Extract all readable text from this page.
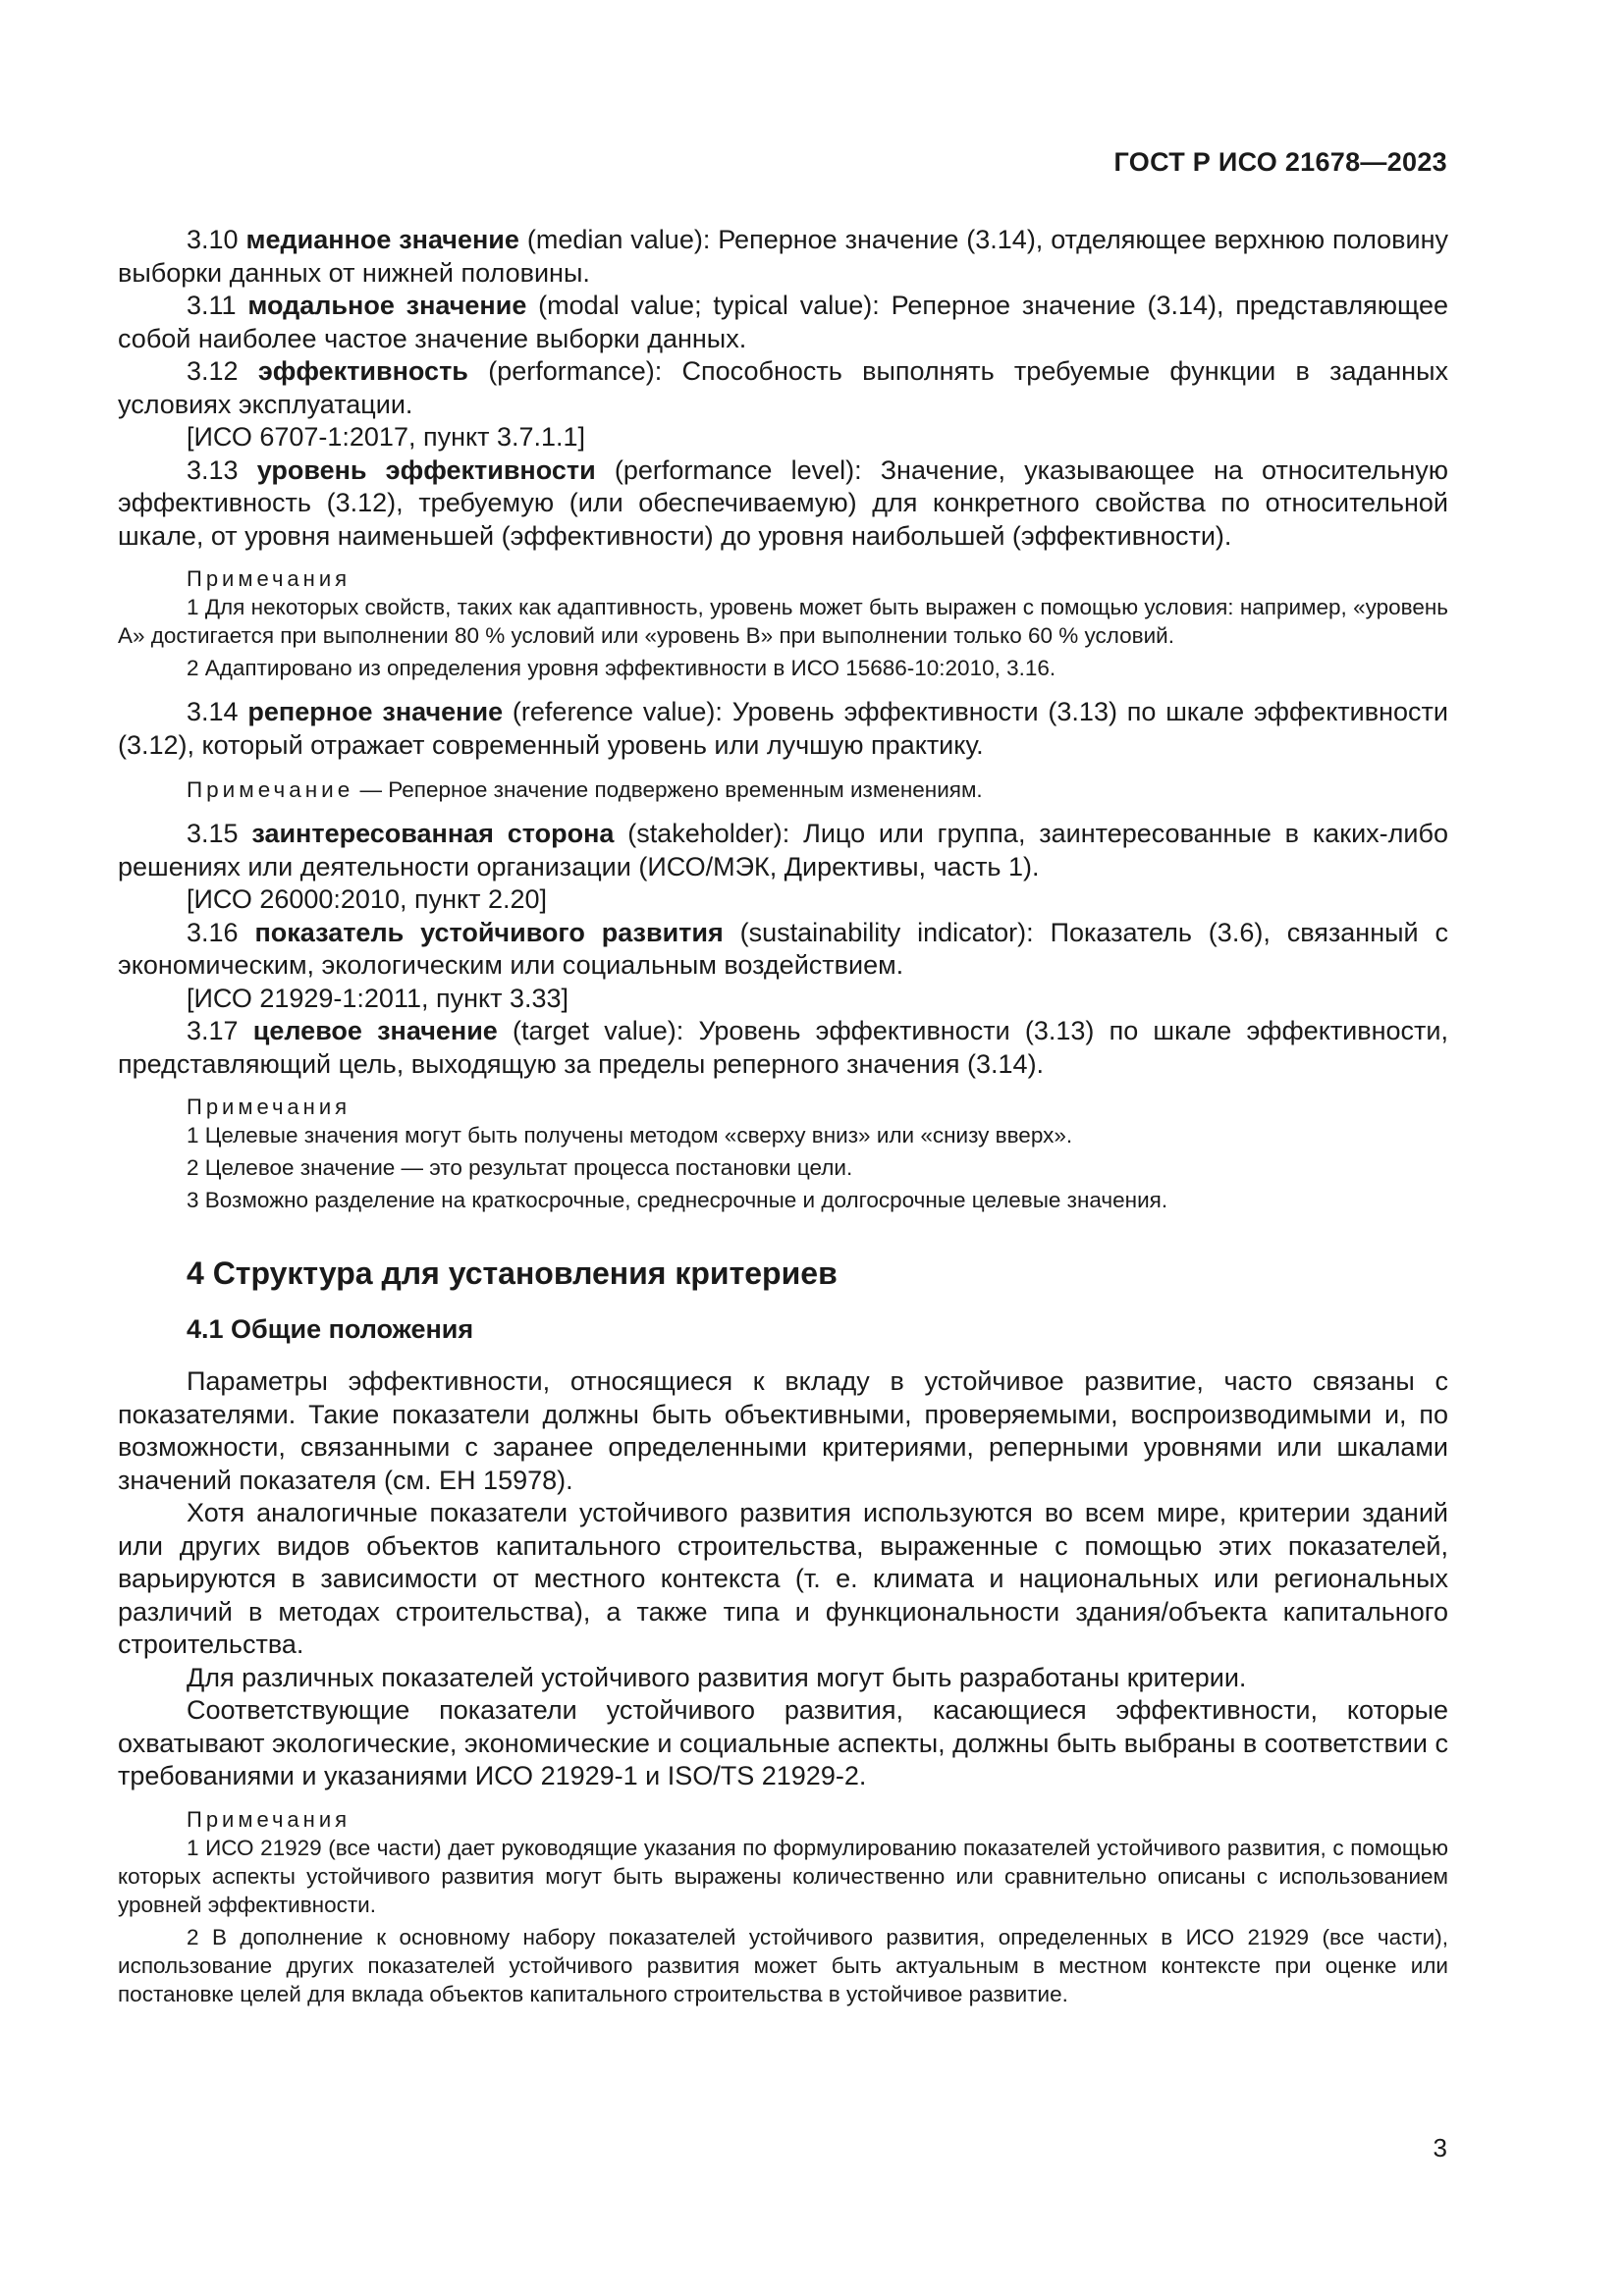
ГОСТ Р ИСО 21678—2023

3.10 медианное значение (median value): Реперное значение (3.14), отделяющее верхнюю половину выборки данных от нижней половины.

3.11 модальное значение (modal value; typical value): Реперное значение (3.14), представляющее собой наиболее частое значение выборки данных.

3.12 эффективность (performance): Способность выполнять требуемые функции в заданных условиях эксплуатации.

[ИСО 6707-1:2017, пункт 3.7.1.1]

3.13 уровень эффективности (performance level): Значение, указывающее на относительную эффективность (3.12), требуемую (или обеспечиваемую) для конкретного свойства по относительной шкале, от уровня наименьшей (эффективности) до уровня наибольшей (эффективности).

Примечания

1 Для некоторых свойств, таких как адаптивность, уровень может быть выражен с помощью условия: например, «уровень А» достигается при выполнении 80 % условий или «уровень В» при выполнении только 60 % условий.

2 Адаптировано из определения уровня эффективности в ИСО 15686-10:2010, 3.16.

3.14 реперное значение (reference value): Уровень эффективности (3.13) по шкале эффективности (3.12), который отражает современный уровень или лучшую практику.

Примечание — Реперное значение подвержено временным изменениям.

3.15 заинтересованная сторона (stakeholder): Лицо или группа, заинтересованные в каких-либо решениях или деятельности организации (ИСО/МЭК, Директивы, часть 1).

[ИСО 26000:2010, пункт 2.20]

3.16 показатель устойчивого развития (sustainability indicator): Показатель (3.6), связанный с экономическим, экологическим или социальным воздействием.

[ИСО 21929-1:2011, пункт 3.33]

3.17 целевое значение (target value): Уровень эффективности (3.13) по шкале эффективности, представляющий цель, выходящую за пределы реперного значения (3.14).

Примечания

1 Целевые значения могут быть получены методом «сверху вниз» или «снизу вверх».

2 Целевое значение — это результат процесса постановки цели.

3 Возможно разделение на краткосрочные, среднесрочные и долгосрочные целевые значения.

4 Структура для установления критериев
4.1 Общие положения

Параметры эффективности, относящиеся к вкладу в устойчивое развитие, часто связаны с показателями. Такие показатели должны быть объективными, проверяемыми, воспроизводимыми и, по возможности, связанными с заранее определенными критериями, реперными уровнями или шкалами значений показателя (см. ЕН 15978).

Хотя аналогичные показатели устойчивого развития используются во всем мире, критерии зданий или других видов объектов капитального строительства, выраженные с помощью этих показателей, варьируются в зависимости от местного контекста (т. е. климата и национальных или региональных различий в методах строительства), а также типа и функциональности здания/объекта капитального строительства.

Для различных показателей устойчивого развития могут быть разработаны критерии.

Соответствующие показатели устойчивого развития, касающиеся эффективности, которые охватывают экологические, экономические и социальные аспекты, должны быть выбраны в соответствии с требованиями и указаниями ИСО 21929-1 и ISO/TS 21929-2.

Примечания

1 ИСО 21929 (все части) дает руководящие указания по формулированию показателей устойчивого развития, с помощью которых аспекты устойчивого развития могут быть выражены количественно или сравнительно описаны с использованием уровней эффективности.

2 В дополнение к основному набору показателей устойчивого развития, определенных в ИСО 21929 (все части), использование других показателей устойчивого развития может быть актуальным в местном контексте при оценке или постановке целей для вклада объектов капитального строительства в устойчивое развитие.

3
